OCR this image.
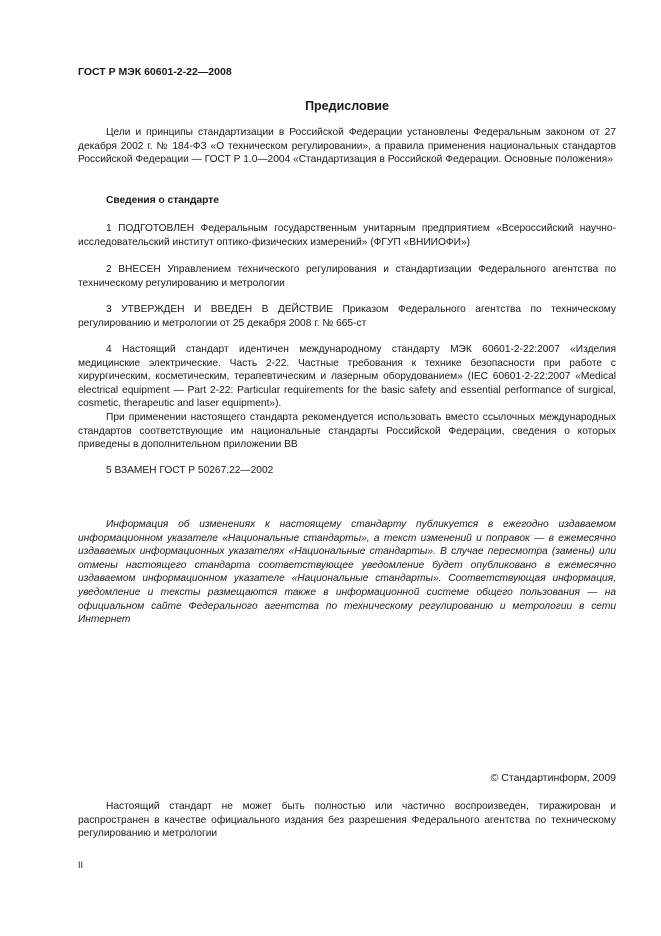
ГОСТ Р МЭК 60601-2-22—2008
Предисловие

Цели и принципы стандартизации в Российской Федерации установлены Федеральным законом от 27 декабря 2002 г. № 184-ФЗ «О техническом регулировании», а правила применения национальных стандартов Российской Федерации — ГОСТ Р 1.0—2004 «Стандартизация в Российской Федерации. Основные положения»

Сведения о стандарте

1 ПОДГОТОВЛЕН Федеральным государственным унитарным предприятием «Всероссийский научно-исследовательский институт оптико-физических измерений» (ФГУП «ВНИИОФИ»)

2 ВНЕСЕН Управлением технического регулирования и стандартизации Федерального агентства по техническому регулированию и метрологии

3 УТВЕРЖДЕН И ВВЕДЕН В ДЕЙСТВИЕ Приказом Федерального агентства по техническому регулированию и метрологии от 25 декабря 2008 г. № 665-ст

4 Настоящий стандарт идентичен международному стандарту МЭК 60601-2-22:2007 «Изделия медицинские электрические. Часть 2-22. Частные требования к технике безопасности при работе с хирургическим, косметическим, терапевтическим и лазерным оборудованием» (IEC 60601-2-22:2007 «Medical electrical equipment — Part 2-22: Particular requirements for the basic safety and essential performance of surgical, cosmetic, therapeutic and laser equipment»).

При применении настоящего стандарта рекомендуется использовать вместо ссылочных международных стандартов соответствующие им национальные стандарты Российской Федерации, сведения о которых приведены в дополнительном приложении ВВ

5 ВЗАМЕН ГОСТ Р 50267.22—2002

Информация об изменениях к настоящему стандарту публикуется в ежегодно издаваемом информационном указателе «Национальные стандарты», а текст изменений и поправок — в ежемесячно издаваемых информационных указателях «Национальные стандарты». В случае пересмотра (замены) или отмены настоящего стандарта соответствующее уведомление будет опубликовано в ежемесячно издаваемом информационном указателе «Национальные стандарты». Соответствующая информация, уведомление и тексты размещаются также в информационной системе общего пользования — на официальном сайте Федерального агентства по техническому регулированию и метрологии в сети Интернет

© Стандартинформ, 2009

Настоящий стандарт не может быть полностью или частично воспроизведен, тиражирован и распространен в качестве официального издания без разрешения Федерального агентства по техническому регулированию и метрологии

II
